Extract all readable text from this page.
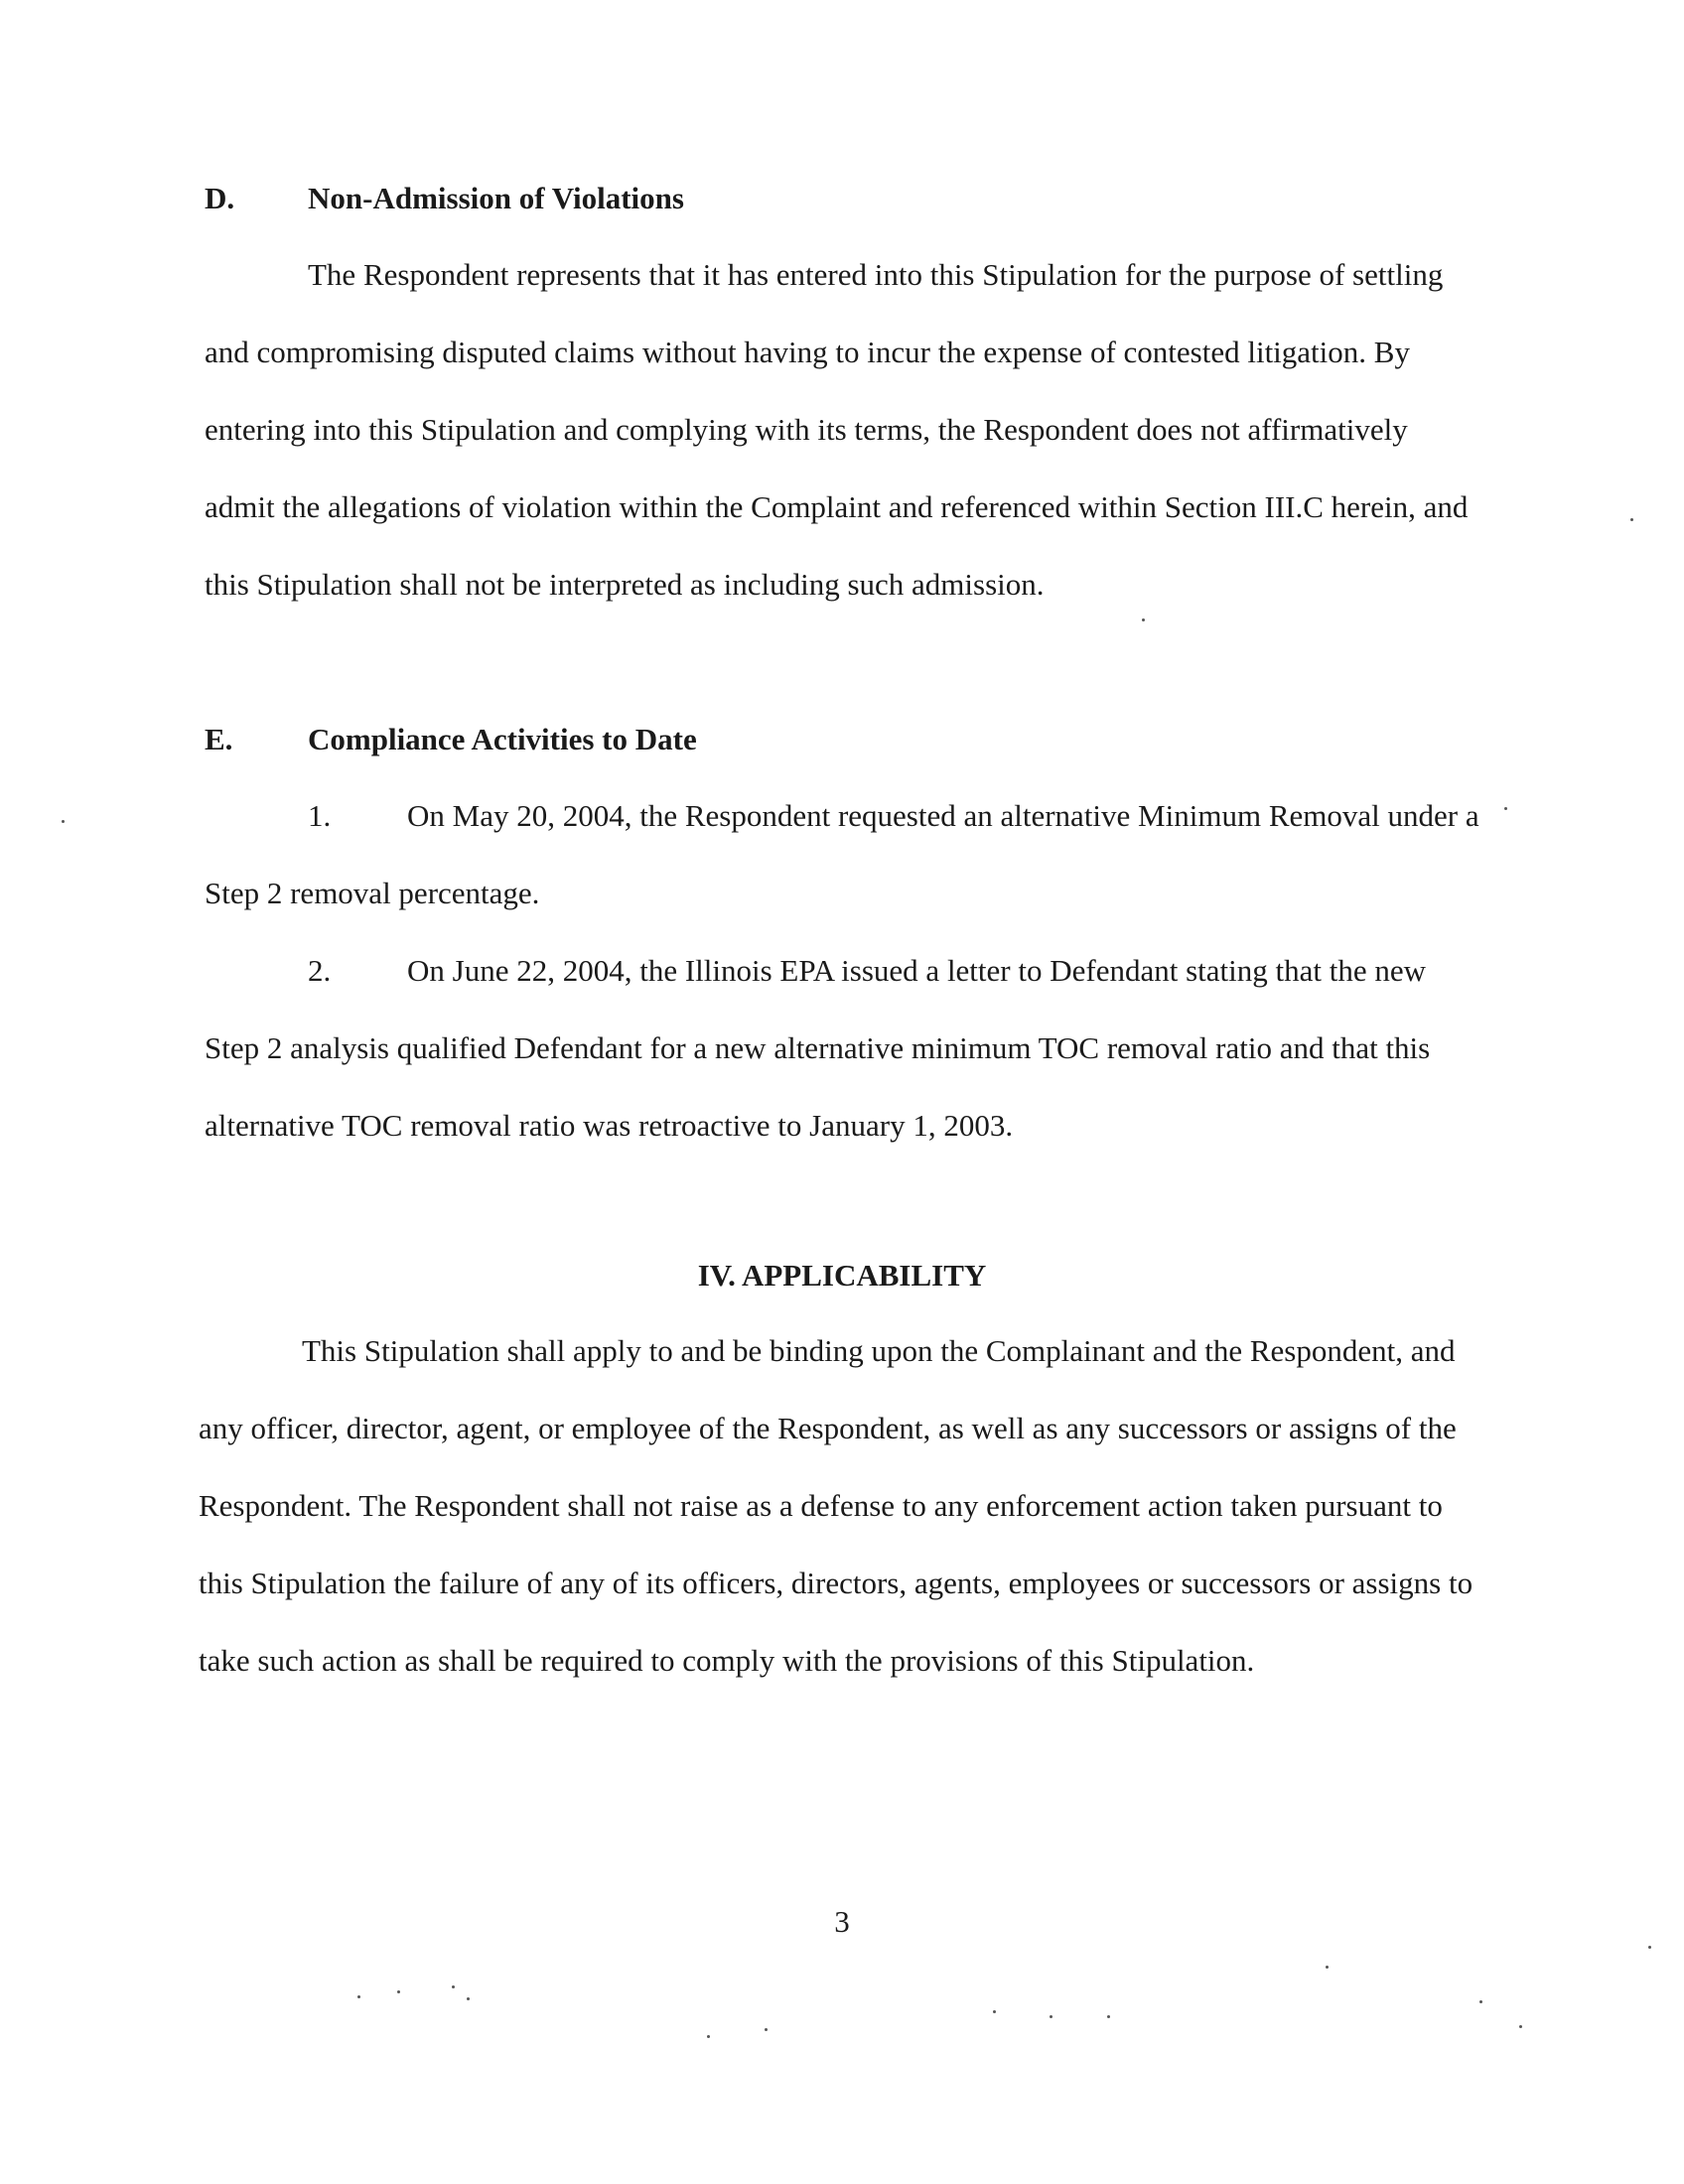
D. Non-Admission of Violations

The Respondent represents that it has entered into this Stipulation for the purpose of settling and compromising disputed claims without having to incur the expense of contested litigation. By entering into this Stipulation and complying with its terms, the Respondent does not affirmatively admit the allegations of violation within the Complaint and referenced within Section III.C herein, and this Stipulation shall not be interpreted as including such admission.

E. Compliance Activities to Date

1. On May 20, 2004, the Respondent requested an alternative Minimum Removal under a Step 2 removal percentage.

2. On June 22, 2004, the Illinois EPA issued a letter to Defendant stating that the new Step 2 analysis qualified Defendant for a new alternative minimum TOC removal ratio and that this alternative TOC removal ratio was retroactive to January 1, 2003.

IV. APPLICABILITY

This Stipulation shall apply to and be binding upon the Complainant and the Respondent, and any officer, director, agent, or employee of the Respondent, as well as any successors or assigns of the Respondent. The Respondent shall not raise as a defense to any enforcement action taken pursuant to this Stipulation the failure of any of its officers, directors, agents, employees or successors or assigns to take such action as shall be required to comply with the provisions of this Stipulation.

3
